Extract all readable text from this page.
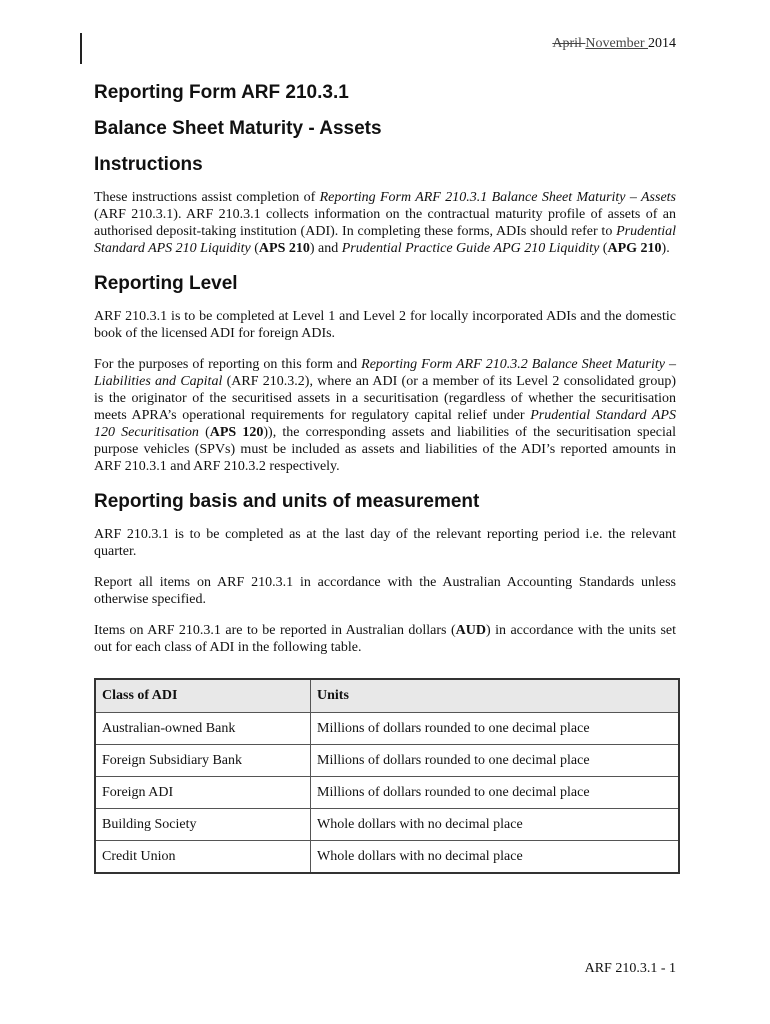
April November 2014
Reporting Form ARF 210.3.1
Balance Sheet Maturity - Assets
Instructions

These instructions assist completion of Reporting Form ARF 210.3.1 Balance Sheet Maturity – Assets (ARF 210.3.1). ARF 210.3.1 collects information on the contractual maturity profile of assets of an authorised deposit-taking institution (ADI). In completing these forms, ADIs should refer to Prudential Standard APS 210 Liquidity (APS 210) and Prudential Practice Guide APG 210 Liquidity (APG 210).

Reporting Level

ARF 210.3.1 is to be completed at Level 1 and Level 2 for locally incorporated ADIs and the domestic book of the licensed ADI for foreign ADIs.

For the purposes of reporting on this form and Reporting Form ARF 210.3.2 Balance Sheet Maturity – Liabilities and Capital (ARF 210.3.2), where an ADI (or a member of its Level 2 consolidated group) is the originator of the securitised assets in a securitisation (regardless of whether the securitisation meets APRA’s operational requirements for regulatory capital relief under Prudential Standard APS 120 Securitisation (APS 120)), the corresponding assets and liabilities of the securitisation special purpose vehicles (SPVs) must be included as assets and liabilities of the ADI’s reported amounts in ARF 210.3.1 and ARF 210.3.2 respectively.

Reporting basis and units of measurement

ARF 210.3.1 is to be completed as at the last day of the relevant reporting period i.e. the relevant quarter.

Report all items on ARF 210.3.1 in accordance with the Australian Accounting Standards unless otherwise specified.

Items on ARF 210.3.1 are to be reported in Australian dollars (AUD) in accordance with the units set out for each class of ADI in the following table.

Class of ADI	Units
Australian-owned Bank	Millions of dollars rounded to one decimal place
Foreign Subsidiary Bank	Millions of dollars rounded to one decimal place
Foreign ADI	Millions of dollars rounded to one decimal place
Building Society	Whole dollars with no decimal place
Credit Union	Whole dollars with no decimal place
ARF 210.3.1 - 1
